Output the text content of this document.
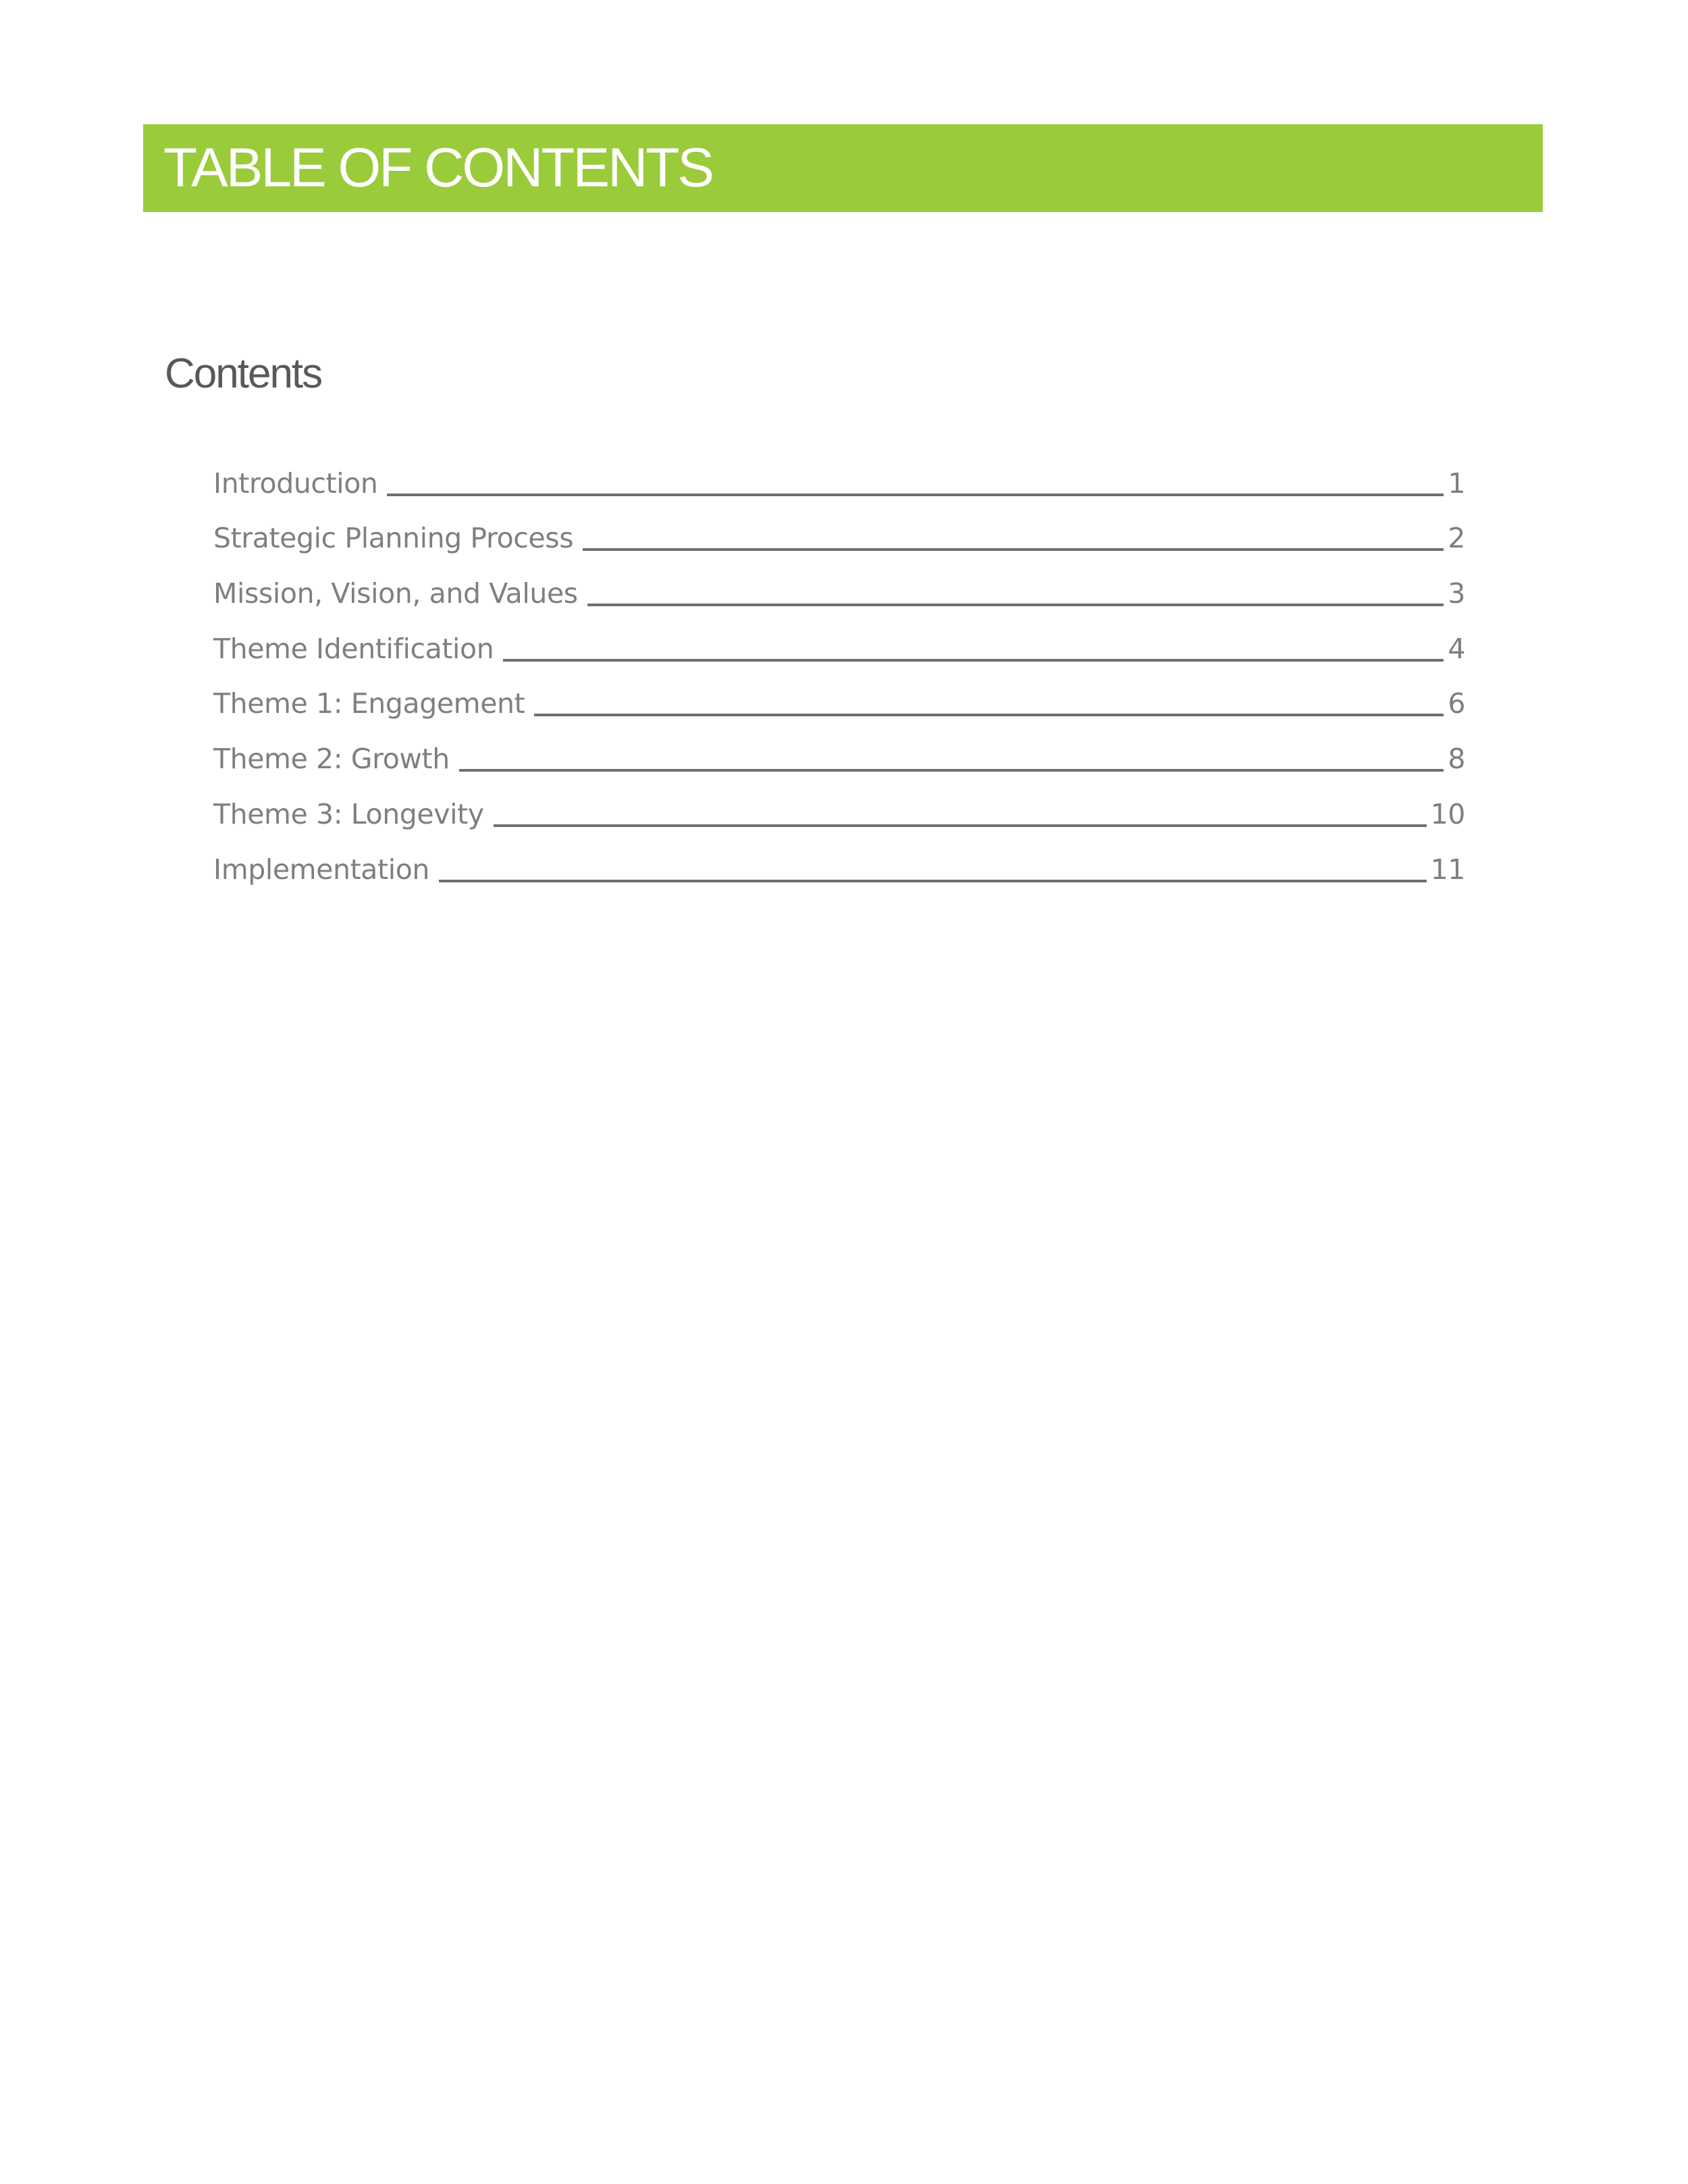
TABLE OF CONTENTS
Contents
Introduction	1
Strategic Planning Process	2
Mission, Vision, and Values	3
Theme Identification	4
Theme 1: Engagement	6
Theme 2: Growth	8
Theme 3: Longevity	10
Implementation	11
